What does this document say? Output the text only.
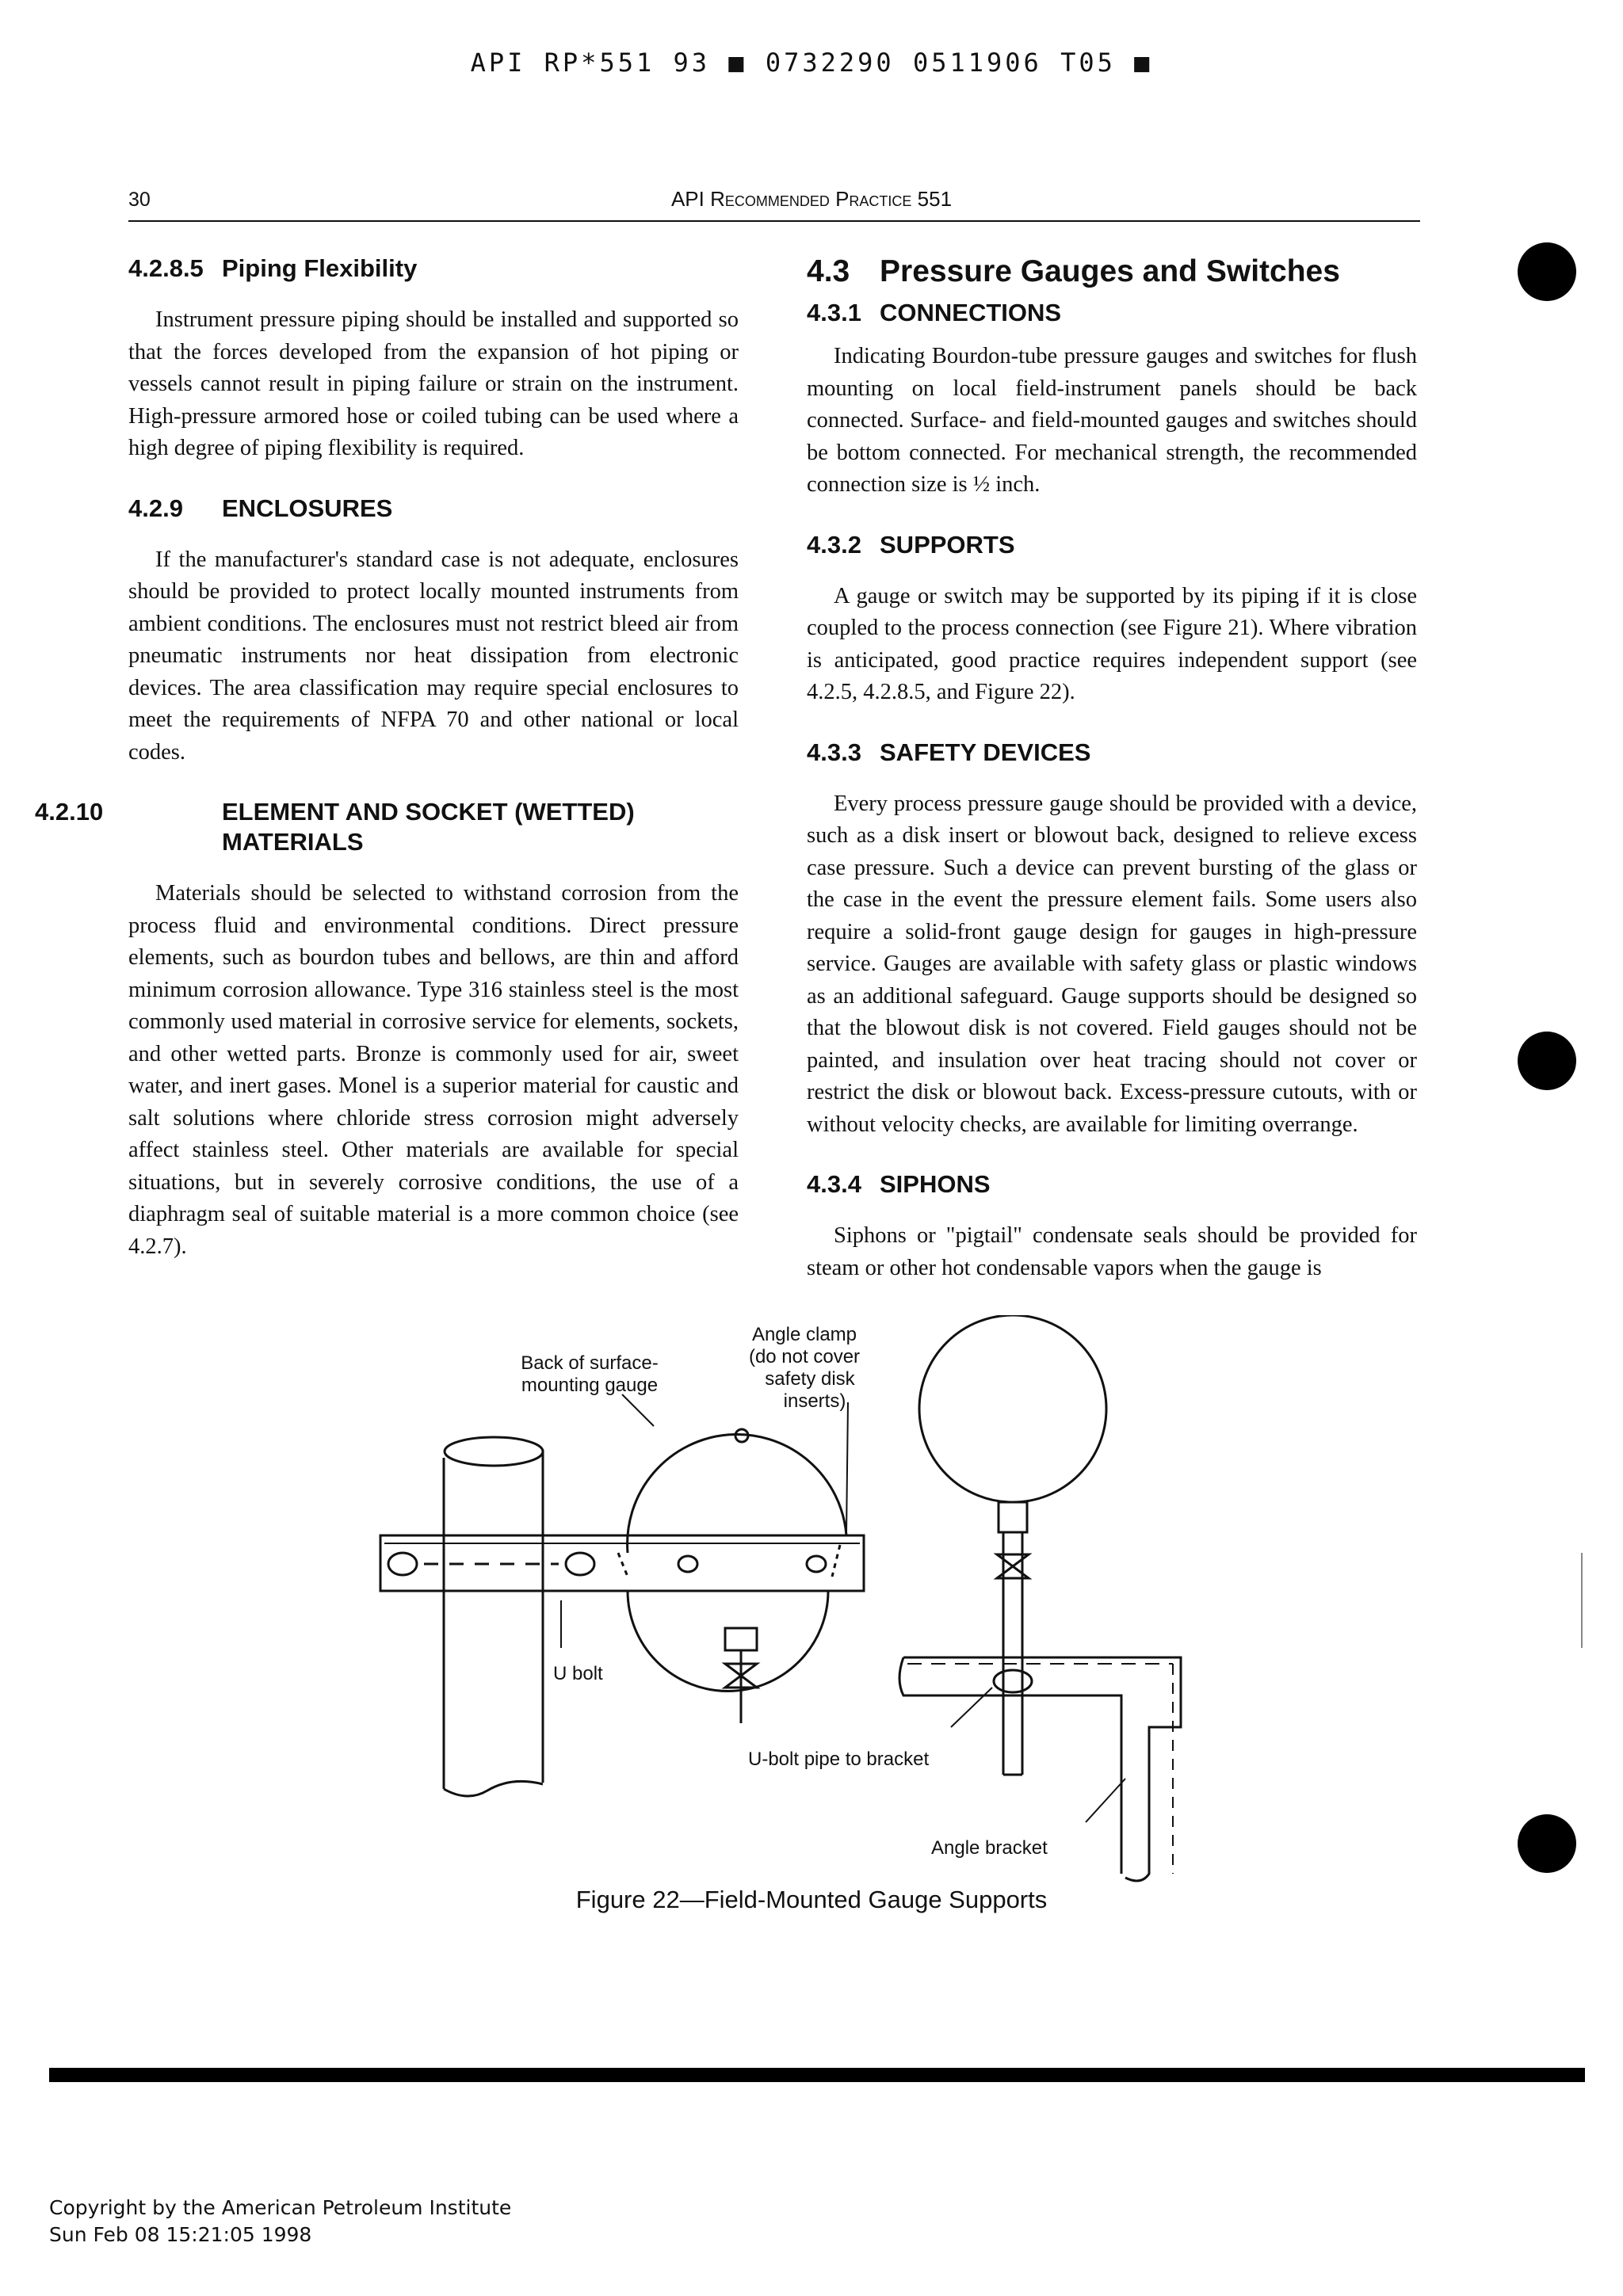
API RP*551 93 ■ 0732290 0511906 T05 ■
30	API Recommended Practice 551
4.2.8.5 Piping Flexibility

Instrument pressure piping should be installed and supported so that the forces developed from the expansion of hot piping or vessels cannot result in piping failure or strain on the instrument. High-pressure armored hose or coiled tubing can be used where a high degree of piping flexibility is required.

4.2.9 ENCLOSURES

If the manufacturer's standard case is not adequate, enclosures should be provided to protect locally mounted instruments from ambient conditions. The enclosures must not restrict bleed air from pneumatic instruments nor heat dissipation from electronic devices. The area classification may require special enclosures to meet the requirements of NFPA 70 and other national or local codes.

4.2.10	ELEMENT AND SOCKET (WETTED) MATERIALS

Materials should be selected to withstand corrosion from the process fluid and environmental conditions. Direct pressure elements, such as bourdon tubes and bellows, are thin and afford minimum corrosion allowance. Type 316 stainless steel is the most commonly used material in corrosive service for elements, sockets, and other wetted parts. Bronze is commonly used for air, sweet water, and inert gases. Monel is a superior material for caustic and salt solutions where chloride stress corrosion might adversely affect stainless steel. Other materials are available for special situations, but in severely corrosive conditions, the use of a diaphragm seal of suitable material is a more common choice (see 4.2.7).

4.3 Pressure Gauges and Switches
4.3.1 CONNECTIONS

Indicating Bourdon-tube pressure gauges and switches for flush mounting on local field-instrument panels should be back connected. Surface- and field-mounted gauges and switches should be bottom connected. For mechanical strength, the recommended connection size is ½ inch.

4.3.2 SUPPORTS

A gauge or switch may be supported by its piping if it is close coupled to the process connection (see Figure 21). Where vibration is anticipated, good practice requires independent support (see 4.2.5, 4.2.8.5, and Figure 22).

4.3.3 SAFETY DEVICES

Every process pressure gauge should be provided with a device, such as a disk insert or blowout back, designed to relieve excess case pressure. Such a device can prevent bursting of the glass or the case in the event the pressure element fails. Some users also require a solid-front gauge design for gauges in high-pressure service. Gauges are available with safety glass or plastic windows as an additional safeguard. Gauge supports should be designed so that the blowout disk is not covered. Field gauges should not be painted, and insulation over heat tracing should not cover or restrict the disk or blowout back. Excess-pressure cutouts, with or without velocity checks, are available for limiting overrange.

4.3.4 SIPHONS

Siphons or "pigtail" condensate seals should be provided for steam or other hot condensable vapors when the gauge is

Back of surface-
mounting gauge
Angle clamp
(do not cover
safety disk
inserts)
U bolt
U-bolt pipe to bracket
Angle bracket
Figure 22—Field-Mounted Gauge Supports
Copyright by the American Petroleum Institute
Sun Feb 08 15:21:05 1998
